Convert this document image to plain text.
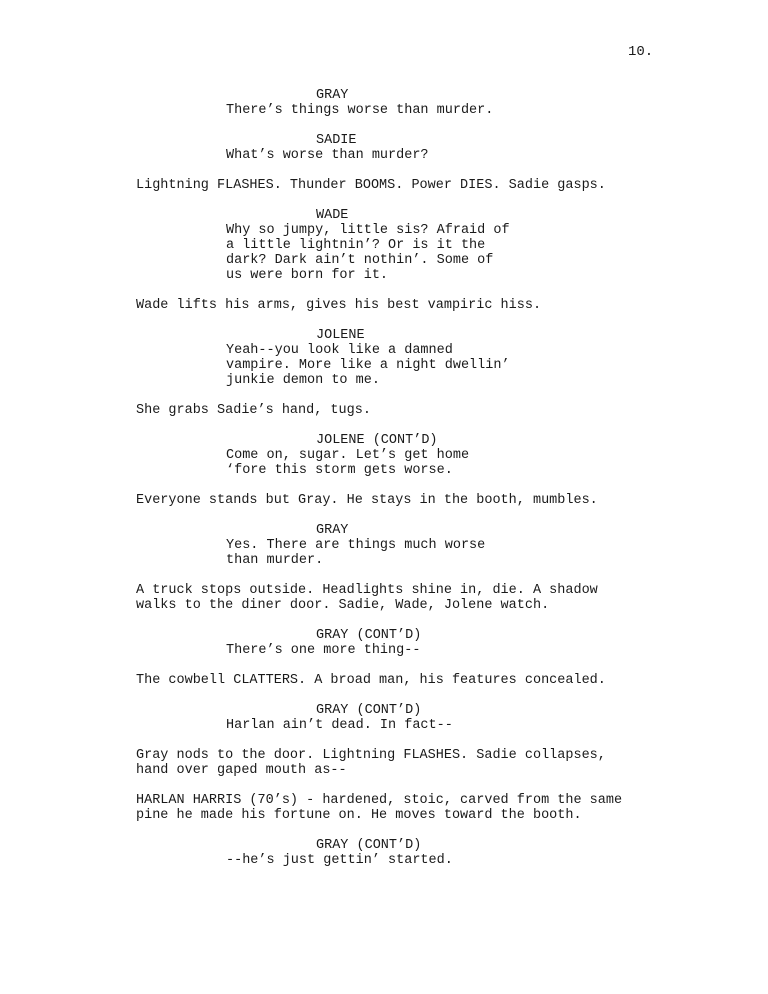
10.
GRAY
There’s things worse than murder.
SADIE
What’s worse than murder?
Lightning FLASHES. Thunder BOOMS. Power DIES. Sadie gasps.
WADE
Why so jumpy, little sis? Afraid of
a little lightnin’? Or is it the
dark? Dark ain’t nothin’. Some of
us were born for it.
Wade lifts his arms, gives his best vampiric hiss.
JOLENE
Yeah--you look like a damned
vampire. More like a night dwellin’
junkie demon to me.
She grabs Sadie’s hand, tugs.
JOLENE (CONT’D)
Come on, sugar. Let’s get home
‘fore this storm gets worse.
Everyone stands but Gray. He stays in the booth, mumbles.
GRAY
Yes. There are things much worse
than murder.
A truck stops outside. Headlights shine in, die. A shadow
walks to the diner door. Sadie, Wade, Jolene watch.
GRAY (CONT’D)
There’s one more thing--
The cowbell CLATTERS. A broad man, his features concealed.
GRAY (CONT’D)
Harlan ain’t dead. In fact--
Gray nods to the door. Lightning FLASHES. Sadie collapses,
hand over gaped mouth as--
HARLAN HARRIS (70’s) - hardened, stoic, carved from the same
pine he made his fortune on. He moves toward the booth.
GRAY (CONT’D)
--he’s just gettin’ started.
